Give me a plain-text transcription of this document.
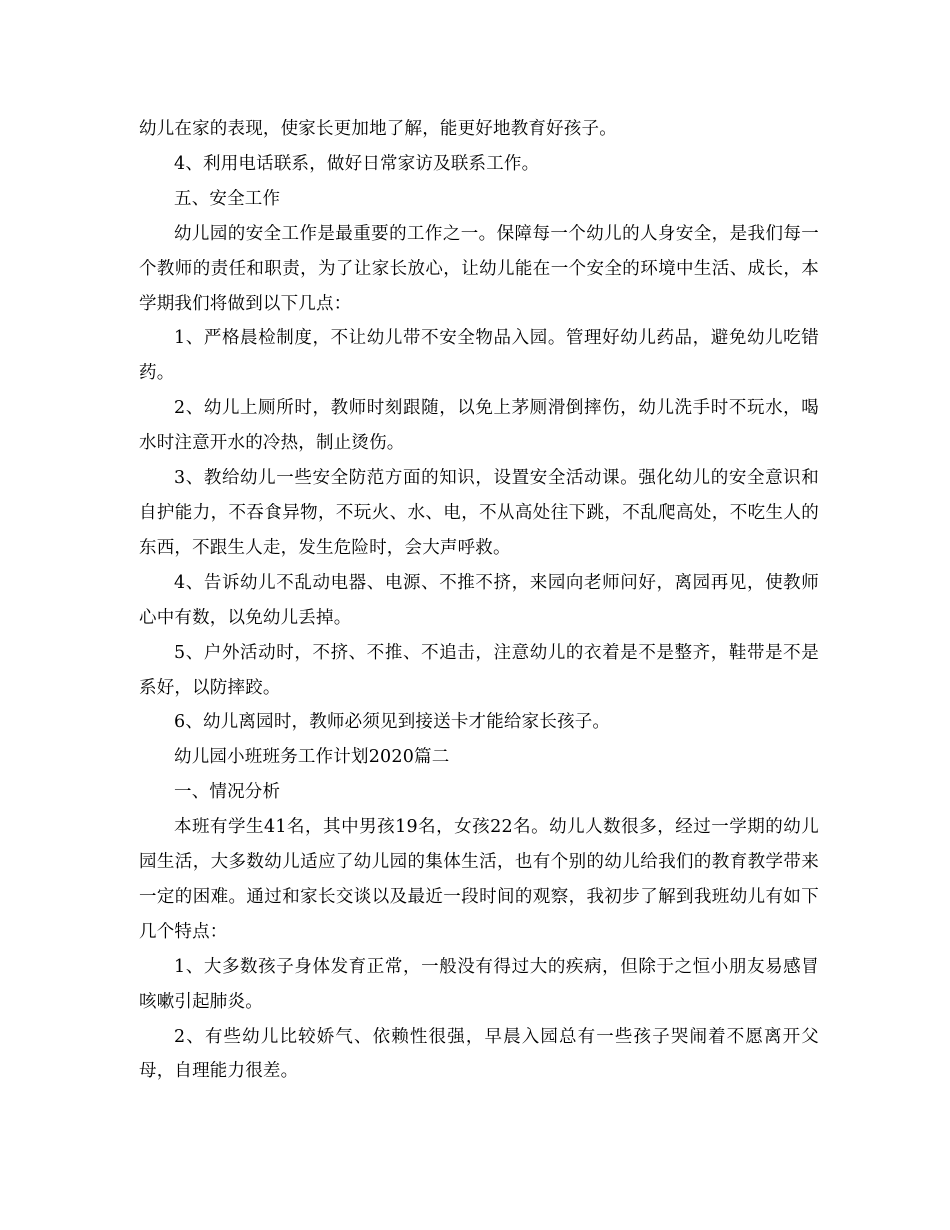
幼儿在家的表现，使家长更加地了解，能更好地教育好孩子。

4、利用电话联系，做好日常家访及联系工作。

五、安全工作

幼儿园的安全工作是最重要的工作之一。保障每一个幼儿的人身安全，是我们每一个教师的责任和职责，为了让家长放心，让幼儿能在一个安全的环境中生活、成长，本学期我们将做到以下几点：

1、严格晨检制度，不让幼儿带不安全物品入园。管理好幼儿药品，避免幼儿吃错药。

2、幼儿上厕所时，教师时刻跟随，以免上茅厕滑倒摔伤，幼儿洗手时不玩水，喝水时注意开水的冷热，制止烫伤。

3、教给幼儿一些安全防范方面的知识，设置安全活动课。强化幼儿的安全意识和自护能力，不吞食异物，不玩火、水、电，不从高处往下跳，不乱爬高处，不吃生人的东西，不跟生人走，发生危险时，会大声呼救。

4、告诉幼儿不乱动电器、电源、不推不挤，来园向老师问好，离园再见，使教师心中有数，以免幼儿丢掉。

5、户外活动时，不挤、不推、不追击，注意幼儿的衣着是不是整齐，鞋带是不是系好，以防摔跤。

6、幼儿离园时，教师必须见到接送卡才能给家长孩子。

幼儿园小班班务工作计划2020篇二

一、情况分析

本班有学生41名，其中男孩19名，女孩22名。幼儿人数很多，经过一学期的幼儿园生活，大多数幼儿适应了幼儿园的集体生活，也有个别的幼儿给我们的教育教学带来一定的困难。通过和家长交谈以及最近一段时间的观察，我初步了解到我班幼儿有如下几个特点：

1、大多数孩子身体发育正常，一般没有得过大的疾病，但除于之恒小朋友易感冒咳嗽引起肺炎。

2、有些幼儿比较娇气、依赖性很强，早晨入园总有一些孩子哭闹着不愿离开父母，自理能力很差。
